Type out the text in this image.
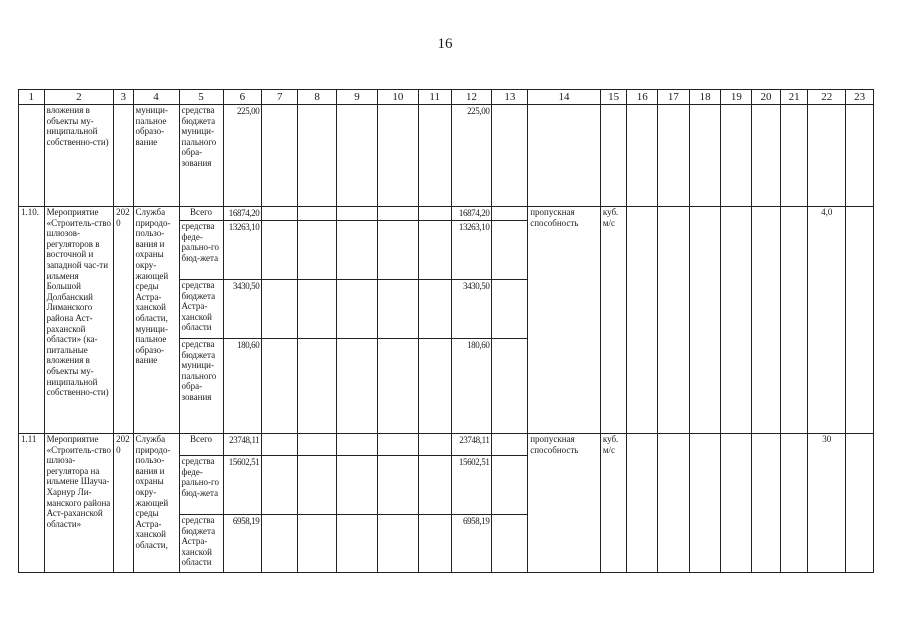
16
1	2	3	4	5	6	7	8	9	10	11	12	13	14	15	16	17	18	19	20	21	22	23
	вложения в объекты му-ниципальной собственно-сти)		муници-пальное образо-вание	средства бюджета муници-пального обра-зования	225,00						225,00											
1.10.	Мероприятие «Строитель-ство шлюзов-регуляторов в восточной и западной час-ти ильменя Большой Долбанский Лиманского района Аст-раханской области» (ка-питальные вложения в объекты му-ниципальной собственно-сти)	2020	Служба природо-пользо-вания и охраны окру-жающей среды Астра-ханской области, муници-пальное образо-вание	Всего	16874,20						16874,20		пропускная способность	куб. м/с							4,0	
				средства феде-рально-го бюд-жета	13263,10						13263,10											
				средства бюджета Астра-ханской области	3430,50						3430,50											
				средства бюджета муници-пального обра-зования	180,60						180,60											
1.11	Мероприятие «Строитель-ство шлюза-регулятора на ильмене Шауча-Харнур Ли-манского района Аст-раханской области»	2020	Служба природо-пользо-вания и охраны окру-жающей среды Астра-ханской области,	Всего	23748,11						23748,11		пропускная способность	куб. м/с							30	
				средства феде-рально-го бюд-жета	15602,51						15602,51											
				средства бюджета Астра-ханской области	6958,19						6958,19											
